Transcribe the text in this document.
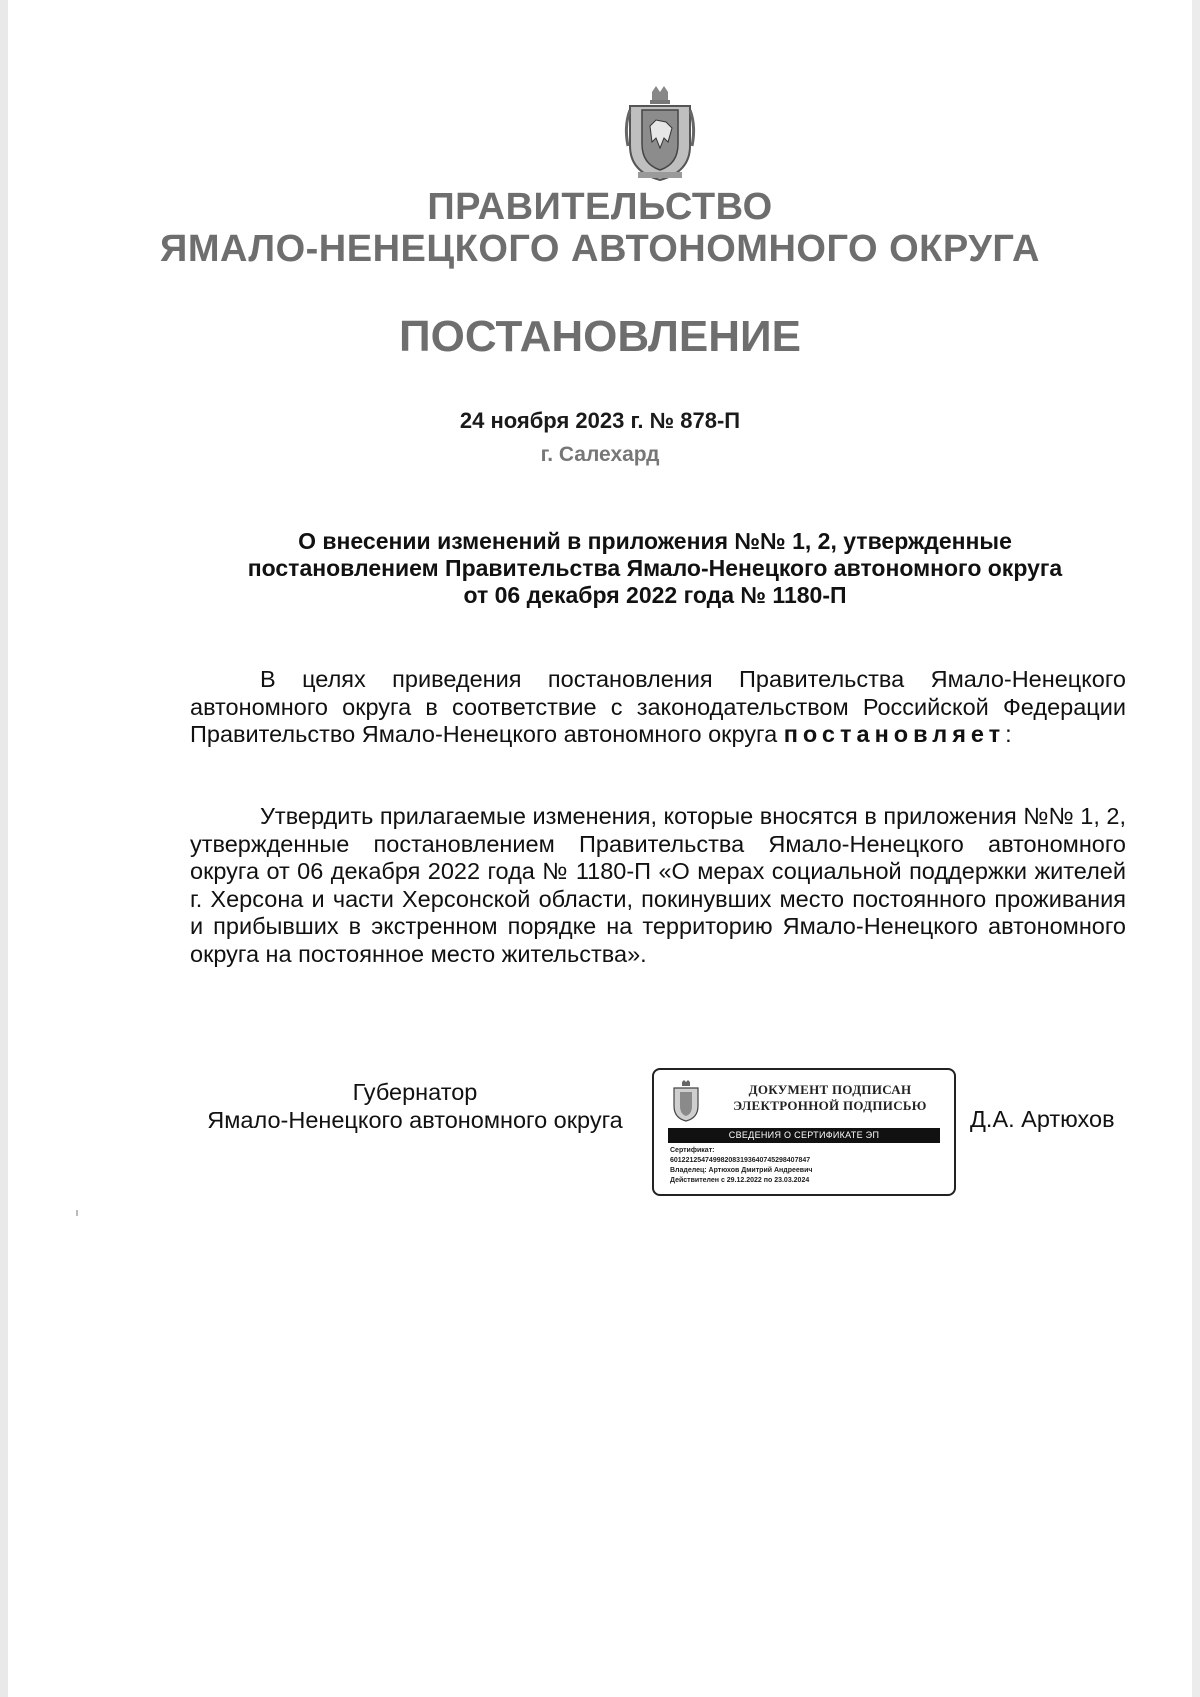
ПРАВИТЕЛЬСТВО
ЯМАЛО-НЕНЕЦКОГО АВТОНОМНОГО ОКРУГА
ПОСТАНОВЛЕНИЕ
24 ноября 2023 г. № 878-П
г. Салехард
О внесении изменений в приложения №№ 1, 2, утвержденные
постановлением Правительства Ямало-Ненецкого автономного округа
от 06 декабря 2022 года № 1180-П
В целях приведения постановления Правительства Ямало-Ненецкого автономного округа в соответствие с законодательством Российской Федерации Правительство Ямало-Ненецкого автономного округа постановляет:
Утвердить прилагаемые изменения, которые вносятся в приложения №№ 1, 2, утвержденные постановлением Правительства Ямало-Ненецкого автономного округа от 06 декабря 2022 года № 1180-П «О мерах социальной поддержки жителей г. Херсона и части Херсонской области, покинувших место постоянного проживания и прибывших в экстренном порядке на территорию Ямало-Ненецкого автономного округа на постоянное место жительства».
Губернатор
Ямало-Ненецкого автономного округа
ДОКУМЕНТ ПОДПИСАН
ЭЛЕКТРОННОЙ ПОДПИСЬЮ
СВЕДЕНИЯ О СЕРТИФИКАТЕ ЭП
Сертификат:
601221254749982083193640745298407847
Владелец: Артюхов Дмитрий Андреевич
Действителен с 29.12.2022 по 23.03.2024
Д.А. Артюхов
